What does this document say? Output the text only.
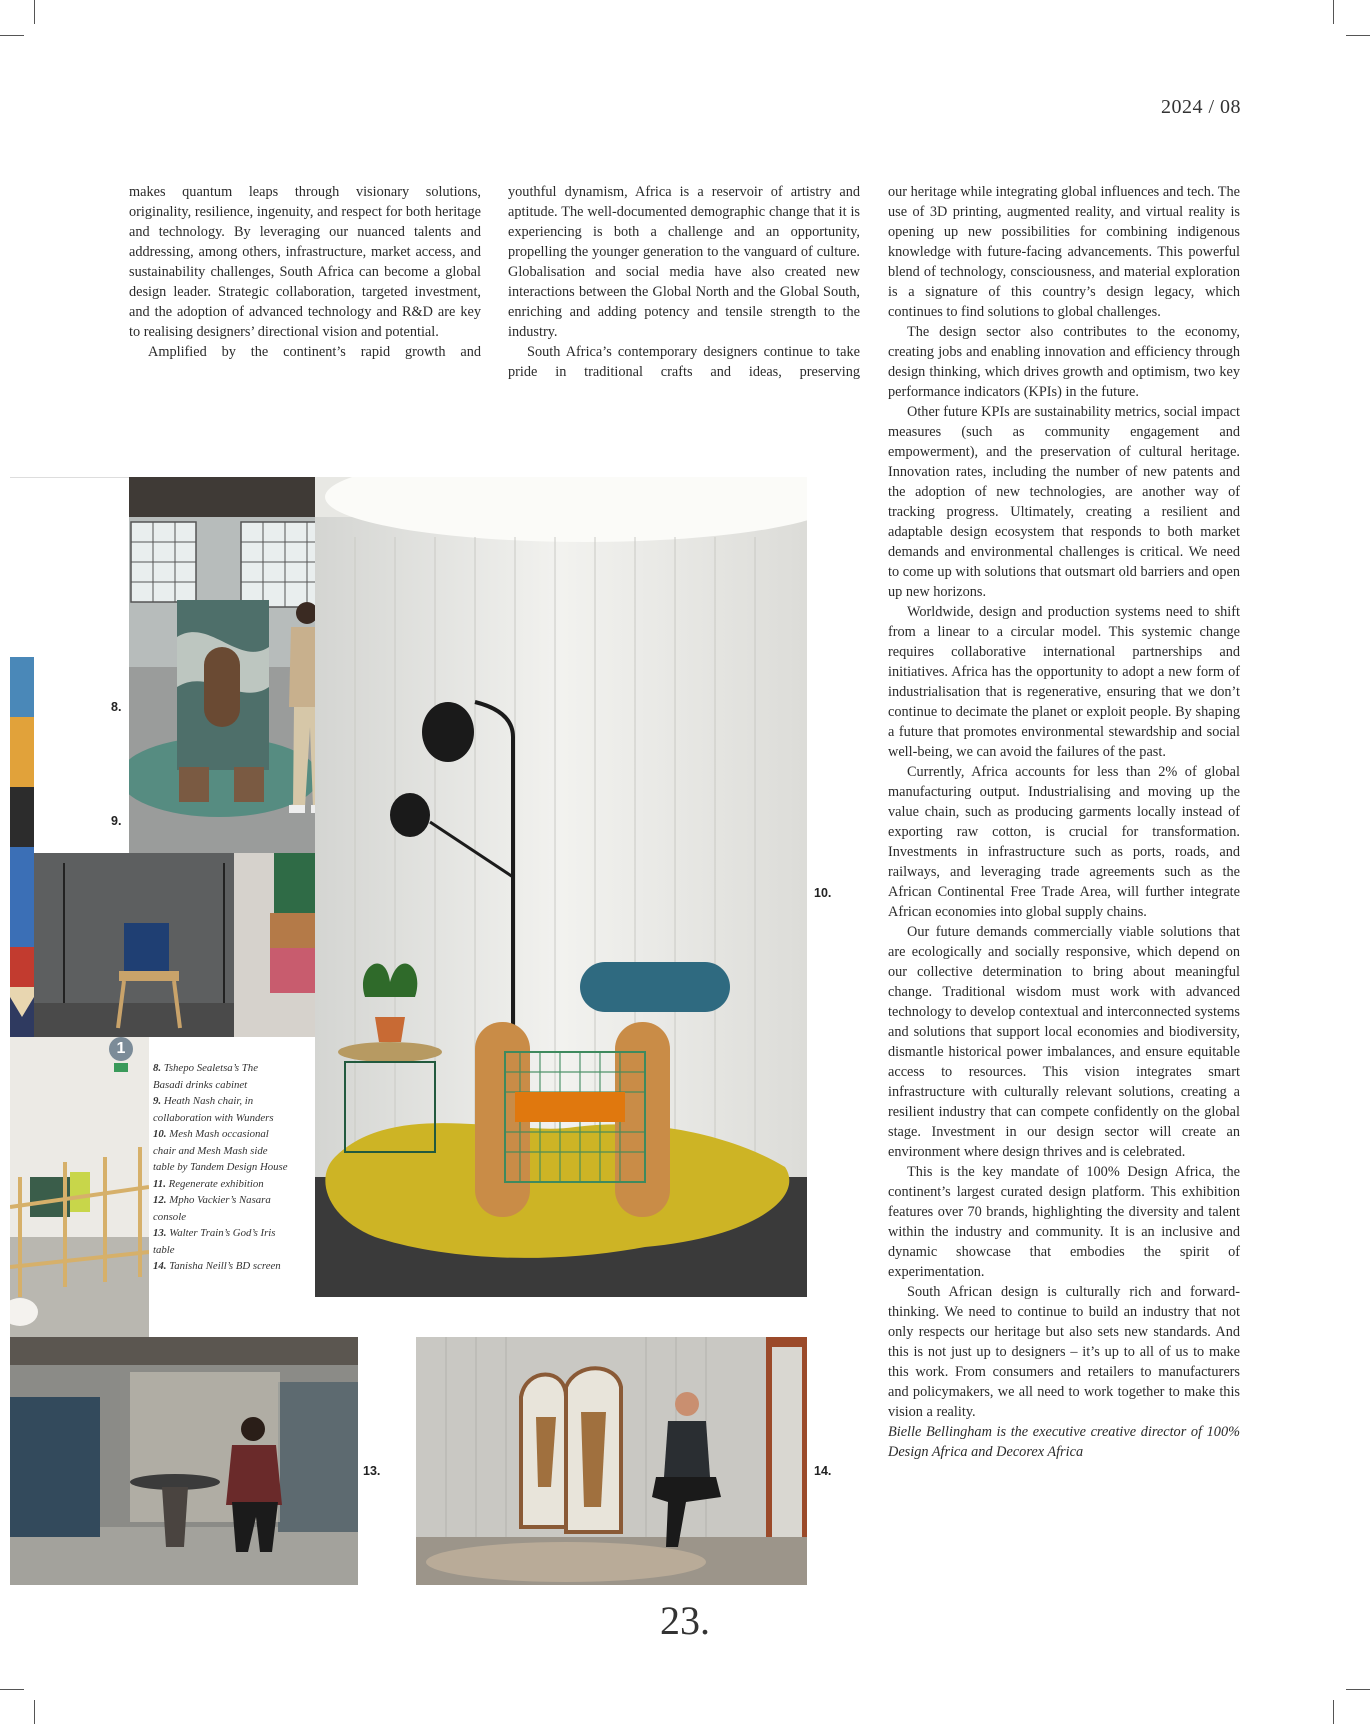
2024 / 08

makes quantum leaps through visionary solutions, originality, resilience, ingenuity, and respect for both heritage and technology. By leveraging our nuanced talents and addressing, among others, infrastructure, market access, and sustainability challenges, South Africa can become a global design leader. Strategic collaboration, targeted investment, and the adoption of advanced technology and R&D are key to realising designers’ directional vision and potential.

Amplified by the continent’s rapid growth and

youthful dynamism, Africa is a reservoir of artistry and aptitude. The well-documented demographic change that it is experiencing is both a challenge and an opportunity, propelling the younger generation to the vanguard of culture. Globalisation and social media have also created new interactions between the Global North and the Global South, enriching and adding potency and tensile strength to the industry.

South Africa’s contemporary designers continue to take pride in traditional crafts and ideas, preserving

our heritage while integrating global influences and tech. The use of 3D printing, augmented reality, and virtual reality is opening up new possibilities for combining indigenous knowledge with future-facing advancements. This powerful blend of technology, consciousness, and material exploration is a signature of this country’s design legacy, which continues to find solutions to global challenges.

The design sector also contributes to the economy, creating jobs and enabling innovation and efficiency through design thinking, which drives growth and optimism, two key performance indicators (KPIs) in the future.

Other future KPIs are sustainability metrics, social impact measures (such as community engagement and empowerment), and the preservation of cultural heritage. Innovation rates, including the number of new patents and the adoption of new technologies, are another way of tracking progress. Ultimately, creating a resilient and adaptable design ecosystem that responds to both market demands and environmental challenges is critical. We need to come up with solutions that outsmart old barriers and open up new horizons.

Worldwide, design and production systems need to shift from a linear to a circular model. This systemic change requires collaborative international partnerships and initiatives. Africa has the opportunity to adopt a new form of industrialisation that is regenerative, ensuring that we don’t continue to decimate the planet or exploit people. By shaping a future that promotes environmental stewardship and social well-being, we can avoid the failures of the past.

Currently, Africa accounts for less than 2% of global manufacturing output. Industrialising and moving up the value chain, such as producing garments locally instead of exporting raw cotton, is crucial for transformation. Investments in infrastructure such as ports, roads, and railways, and leveraging trade agreements such as the African Continental Free Trade Area, will further integrate African economies into global supply chains.

Our future demands commercially viable solutions that are ecologically and socially responsive, which depend on our collective determination to bring about meaningful change. Traditional wisdom must work with advanced technology to develop contextual and interconnected systems and solutions that support local economies and biodiversity, dismantle historical power imbalances, and ensure equitable access to resources. This vision integrates smart infrastructure with culturally relevant solutions, creating a resilient industry that can compete confidently on the global stage. Investment in our design sector will create an environment where design thrives and is celebrated.

This is the key mandate of 100% Design Africa, the continent’s largest curated design platform. This exhibition features over 70 brands, highlighting the diversity and talent within the industry and community. It is an inclusive and dynamic showcase that embodies the spirit of experimentation.

South African design is culturally rich and forward-thinking. We need to continue to build an industry that not only respects our heritage but also sets new standards. And this is not just up to designers – it’s up to all of us to make this work. From consumers and retailers to manufacturers and policymakers, we all need to work together to make this vision a reality.

Bielle Bellingham is the executive creative director of 100% Design Africa and Decorex Africa

1
8.
9.
10.
13.	14.
8. Tshepo Sealetsa’s The Basadi drinks cabinet
9. Heath Nash chair, in collaboration with Wunders
10. Mesh Mash occasional chair and Mesh Mash side table by Tandem Design House
11. Regenerate exhibition
12. Mpho Vackier’s Nasara console
13. Walter Train’s God’s Iris table
14. Tanisha Neill’s BD screen
23.
